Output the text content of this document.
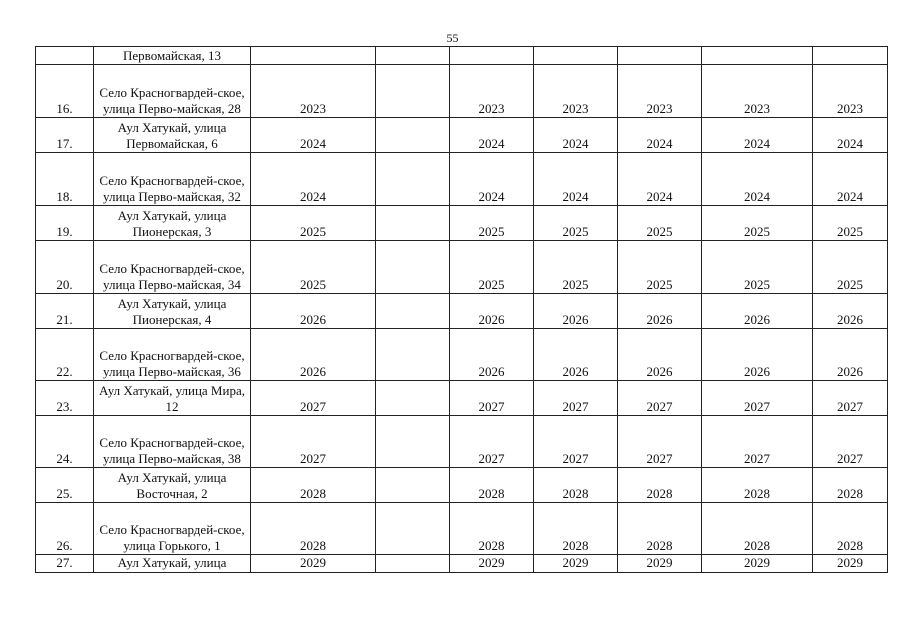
55
	Первомайская, 13							
16.	Село Красногвардей-ское, улица Перво-майская, 28	2023		2023	2023	2023	2023	2023
17.	Аул Хатукай, улица Первомайская, 6	2024		2024	2024	2024	2024	2024
18.	Село Красногвардей-ское, улица Перво-майская, 32	2024		2024	2024	2024	2024	2024
19.	Аул Хатукай, улица Пионерская, 3	2025		2025	2025	2025	2025	2025
20.	Село Красногвардей-ское, улица Перво-майская, 34	2025		2025	2025	2025	2025	2025
21.	Аул Хатукай, улица Пионерская, 4	2026		2026	2026	2026	2026	2026
22.	Село Красногвардей-ское, улица Перво-майская, 36	2026		2026	2026	2026	2026	2026
23.	Аул Хатукай, улица Мира, 12	2027		2027	2027	2027	2027	2027
24.	Село Красногвардей-ское, улица Перво-майская, 38	2027		2027	2027	2027	2027	2027
25.	Аул Хатукай, улица Восточная, 2	2028		2028	2028	2028	2028	2028
26.	Село Красногвардей-ское, улица Горького, 1	2028		2028	2028	2028	2028	2028
27.	Аул Хатукай, улица	2029		2029	2029	2029	2029	2029
